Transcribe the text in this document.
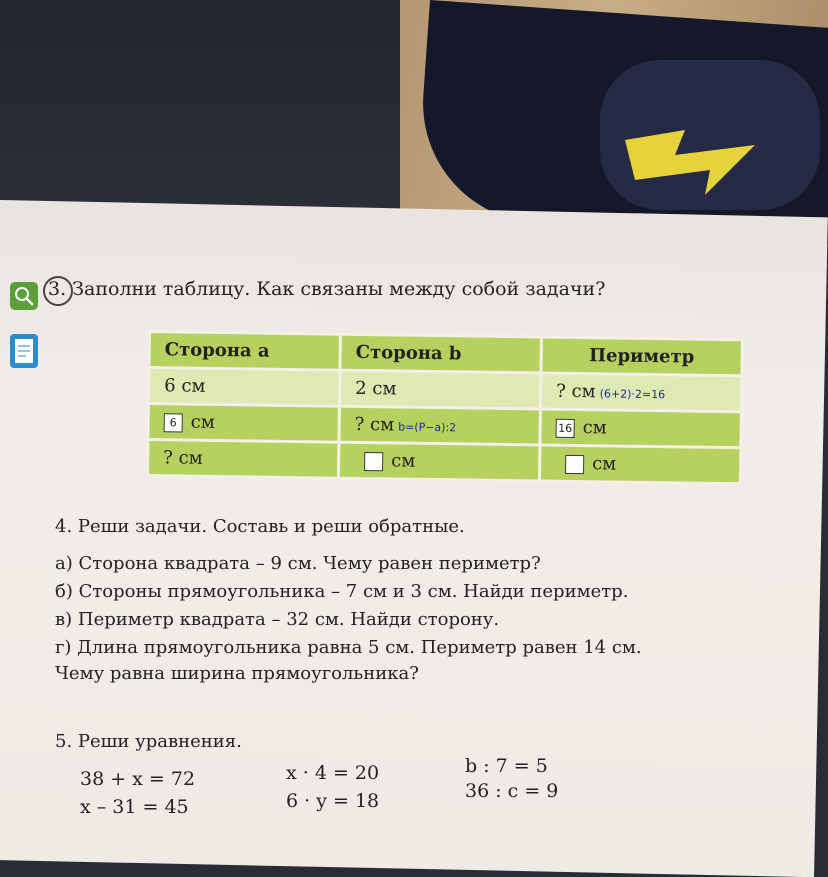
3. Заполни таблицу. Как связаны между собой задачи?
Сторона a	Сторона b	Периметр
6 см	2 см	? см (6+2)·2=16
6 см	? см b=(P−a):2	16 см
? см	см	см
4. Реши задачи. Составь и реши обратные.
а) Сторона квадрата – 9 см. Чему равен периметр?
б) Стороны прямоугольника – 7 см и 3 см. Найди периметр.
в) Периметр квадрата – 32 см. Найди сторону.
г) Длина прямоугольника равна 5 см. Периметр равен 14 см.
Чему равна ширина прямоугольника?
5. Реши уравнения.
38 + x = 72
x – 31 = 45
x · 4 = 20
6 · y = 18
b : 7 = 5
36 : c = 9
